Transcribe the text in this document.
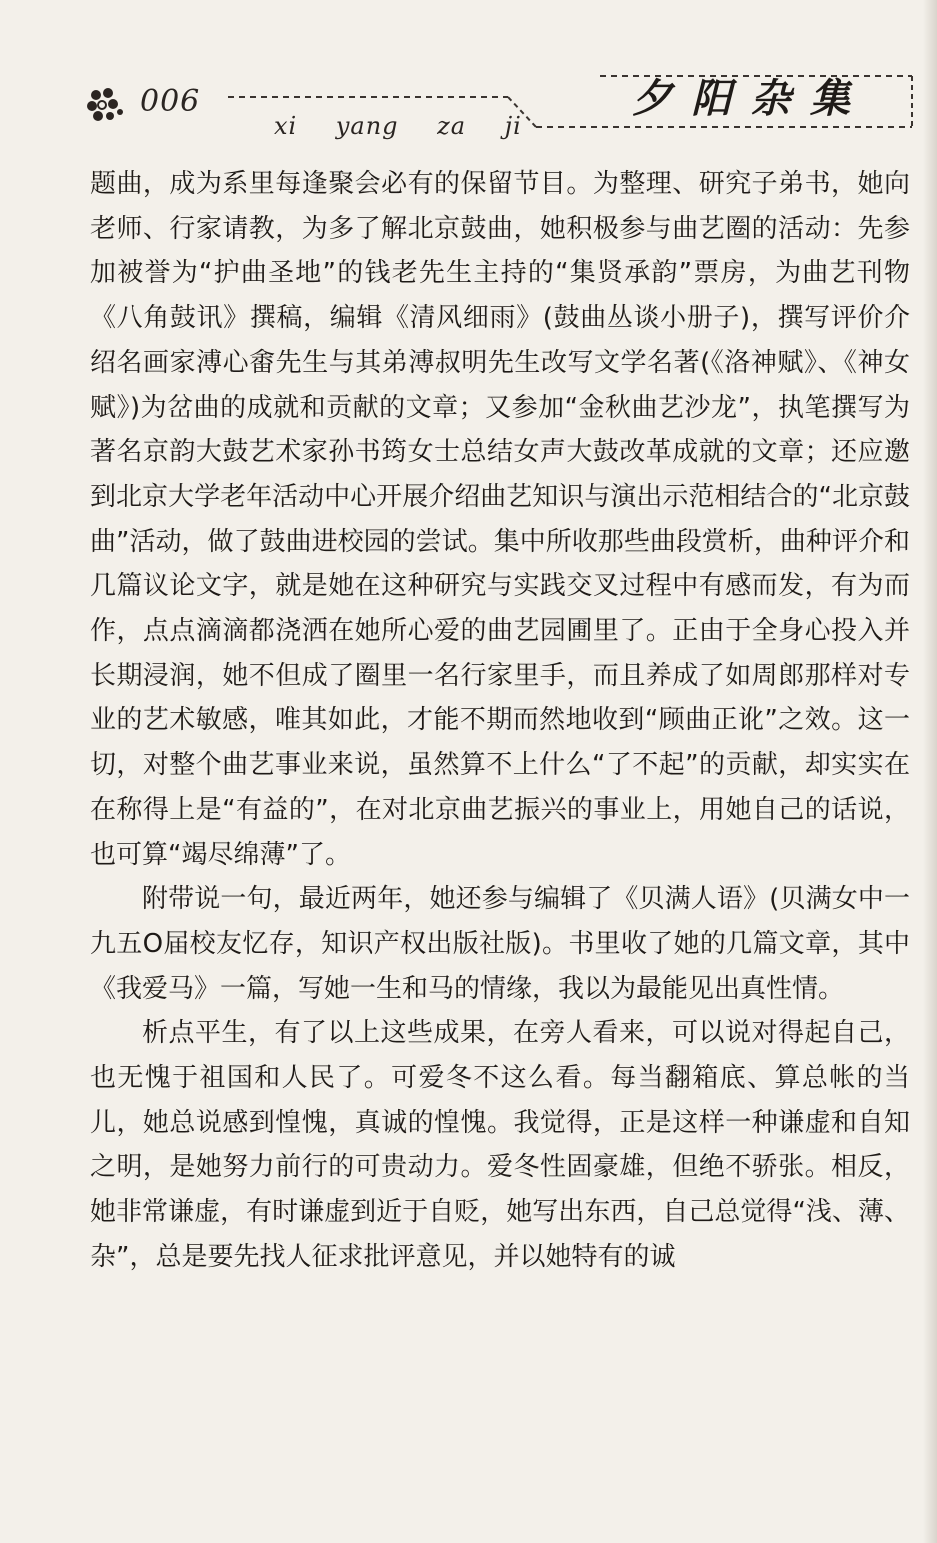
006
xi yang za ji
夕 阳 杂 集

题曲，成为系里每逢聚会必有的保留节目。为整理、研究子弟书，她向老师、行家请教，为多了解北京鼓曲，她积极参与曲艺圈的活动：先参加被誉为“护曲圣地”的钱老先生主持的“集贤承韵”票房，为曲艺刊物《八角鼓讯》撰稿，编辑《清风细雨》(鼓曲丛谈小册子)，撰写评价介绍名画家溥心畬先生与其弟溥叔明先生改写文学名著(《洛神赋》、《神女赋》)为岔曲的成就和贡献的文章；又参加“金秋曲艺沙龙”，执笔撰写为著名京韵大鼓艺术家孙书筠女士总结女声大鼓改革成就的文章；还应邀到北京大学老年活动中心开展介绍曲艺知识与演出示范相结合的“北京鼓曲”活动，做了鼓曲进校园的尝试。集中所收那些曲段赏析，曲种评介和几篇议论文字，就是她在这种研究与实践交叉过程中有感而发，有为而作，点点滴滴都浇洒在她所心爱的曲艺园圃里了。正由于全身心投入并长期浸润，她不但成了圈里一名行家里手，而且养成了如周郎那样对专业的艺术敏感，唯其如此，才能不期而然地收到“顾曲正讹”之效。这一切，对整个曲艺事业来说，虽然算不上什么“了不起”的贡献，却实实在在称得上是“有益的”，在对北京曲艺振兴的事业上，用她自己的话说，也可算“竭尽绵薄”了。

附带说一句，最近两年，她还参与编辑了《贝满人语》(贝满女中一九五O届校友忆存，知识产权出版社版)。书里收了她的几篇文章，其中《我爱马》一篇，写她一生和马的情缘，我以为最能见出真性情。

析点平生，有了以上这些成果，在旁人看来，可以说对得起自己，也无愧于祖国和人民了。可爱冬不这么看。每当翻箱底、算总帐的当儿，她总说感到惶愧，真诚的惶愧。我觉得，正是这样一种谦虚和自知之明，是她努力前行的可贵动力。爱冬性固豪雄，但绝不骄张。相反，她非常谦虚，有时谦虚到近于自贬，她写出东西，自己总觉得“浅、薄、杂”，总是要先找人征求批评意见，并以她特有的诚
